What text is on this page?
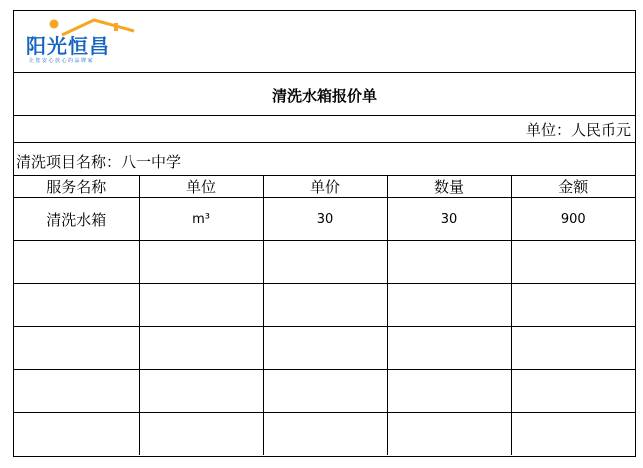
阳光恒昌
让您安心放心的品牌家
清洗水箱报价单
单位：人民币元
清洗项目名称：八一中学
服务名称	单位	单价	数量	金额
清洗水箱	m³	30	30	900
